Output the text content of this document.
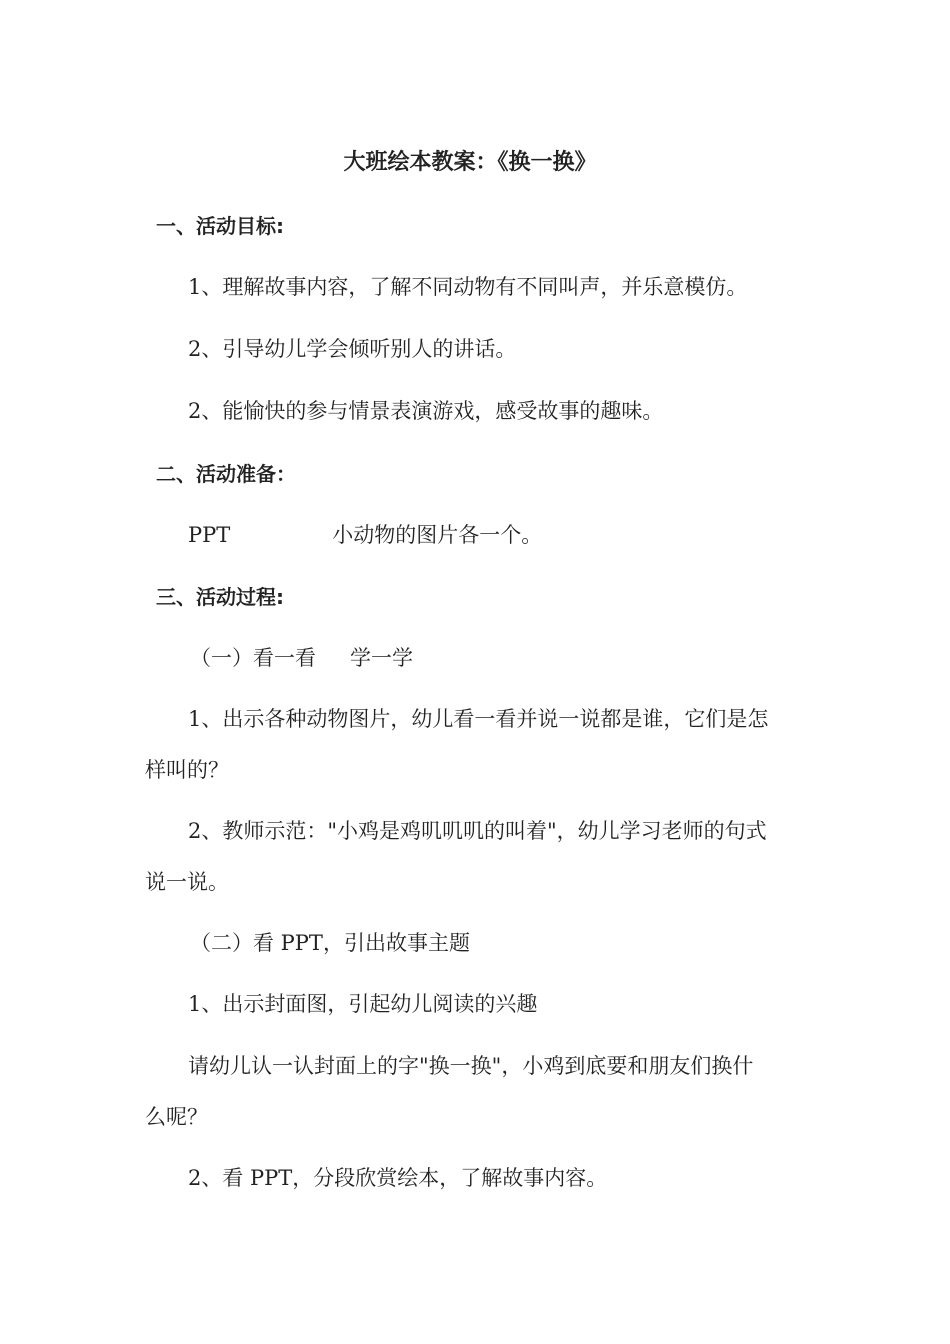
大班绘本教案：《换一换》
一、活动目标:
1、理解故事内容，了解不同动物有不同叫声，并乐意模仿。
2、引导幼儿学会倾听别人的讲话。
2、能愉快的参与情景表演游戏，感受故事的趣味。
二、活动准备：
PPT	小动物的图片各一个。
三、活动过程:
（一）看一看 学一学
1、出示各种动物图片，幼儿看一看并说一说都是谁，它们是怎
样叫的？
2、教师示范："小鸡是鸡叽叽叽的叫着"，幼儿学习老师的句式
说一说。
（二）看 PPT，引出故事主题
1、出示封面图，引起幼儿阅读的兴趣
请幼儿认一认封面上的字"换一换"，小鸡到底要和朋友们换什
么呢？
2、看 PPT，分段欣赏绘本，了解故事内容。
